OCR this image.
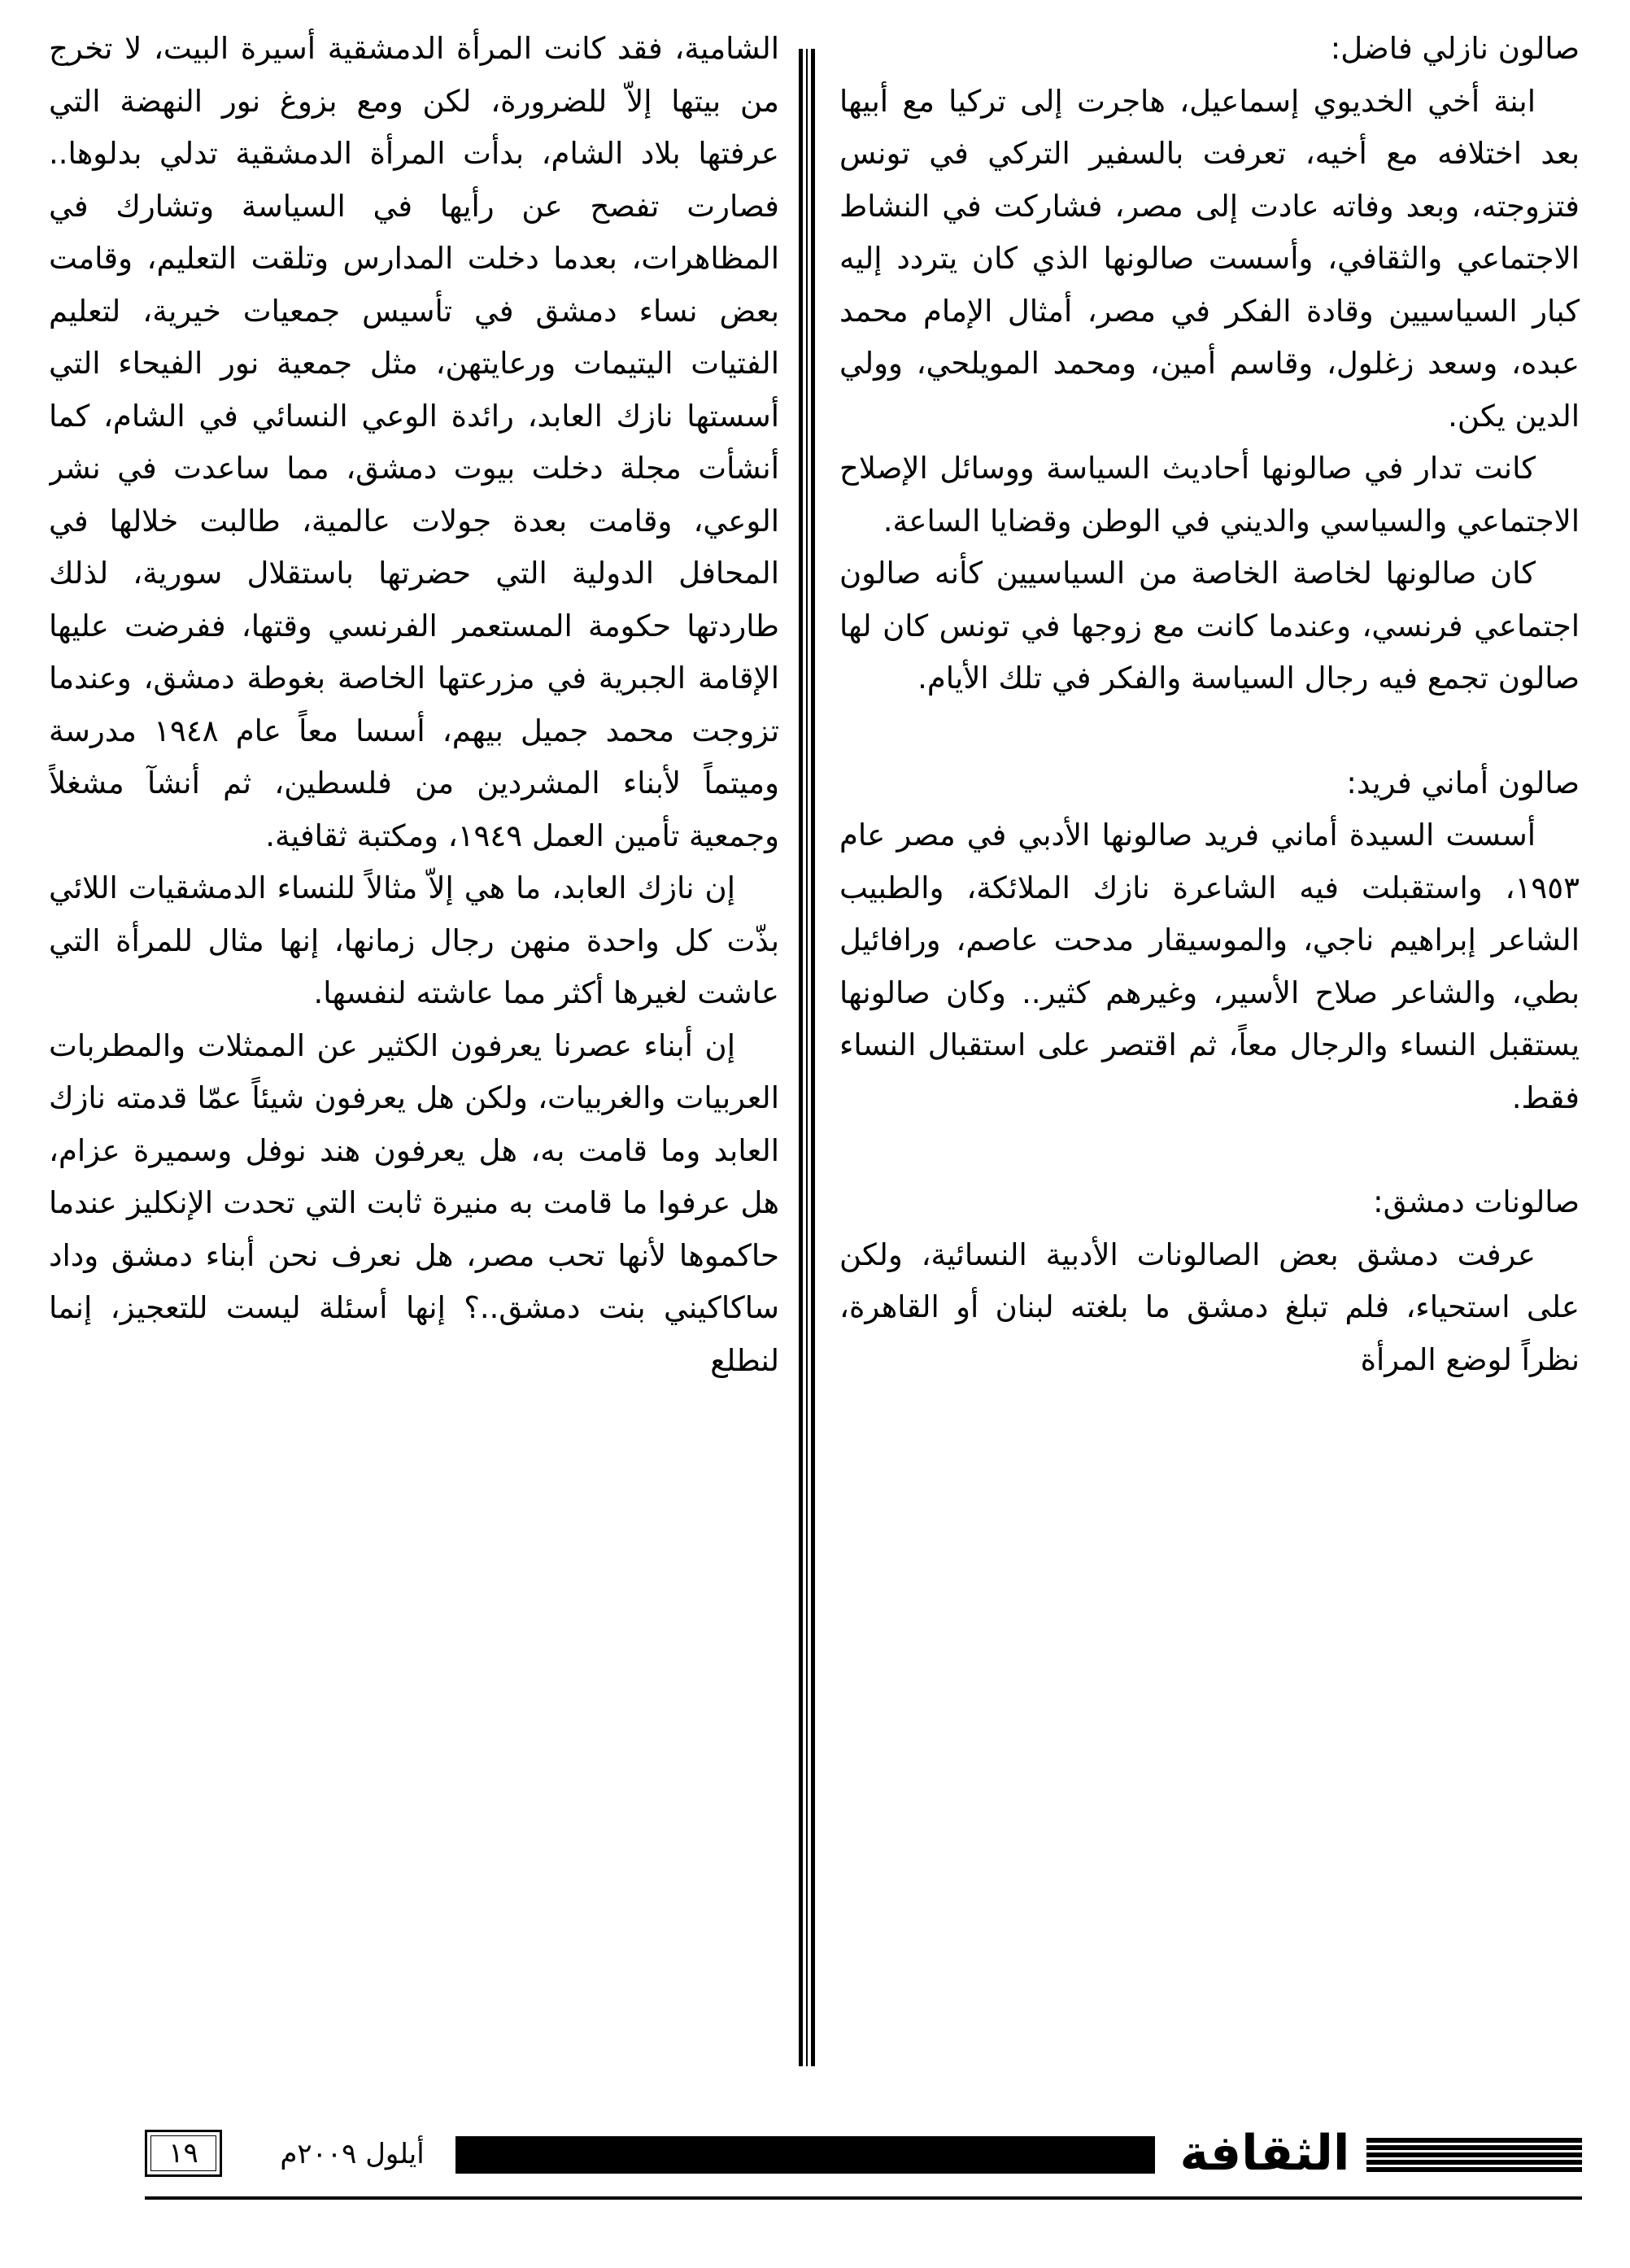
صالون نازلي فاضل:

ابنة أخي الخديوي إسماعيل، هاجرت إلى تركيا مع أبيها بعد اختلافه مع أخيه، تعرفت بالسفير التركي في تونس فتزوجته، وبعد وفاته عادت إلى مصر، فشاركت في النشاط الاجتماعي والثقافي، وأسست صالونها الذي كان يتردد إليه كبار السياسيين وقادة الفكر في مصر، أمثال الإمام محمد عبده، وسعد زغلول، وقاسم أمين، ومحمد المويلحي، وولي الدين يكن.

كانت تدار في صالونها أحاديث السياسة ووسائل الإصلاح الاجتماعي والسياسي والديني في الوطن وقضايا الساعة.

كان صالونها لخاصة الخاصة من السياسيين كأنه صالون اجتماعي فرنسي، وعندما كانت مع زوجها في تونس كان لها صالون تجمع فيه رجال السياسة والفكر في تلك الأيام.

صالون أماني فريد:

أسست السيدة أماني فريد صالونها الأدبي في مصر عام ١٩٥٣، واستقبلت فيه الشاعرة نازك الملائكة، والطبيب الشاعر إبراهيم ناجي، والموسيقار مدحت عاصم، ورافائيل بطي، والشاعر صلاح الأسير، وغيرهم كثير.. وكان صالونها يستقبل النساء والرجال معاً، ثم اقتصر على استقبال النساء فقط.

صالونات دمشق:

عرفت دمشق بعض الصالونات الأدبية النسائية، ولكن على استحياء، فلم تبلغ دمشق ما بلغته لبنان أو القاهرة، نظراً لوضع المرأة

الشامية، فقد كانت المرأة الدمشقية أسيرة البيت، لا تخرج من بيتها إلاّ للضرورة، لكن ومع بزوغ نور النهضة التي عرفتها بلاد الشام، بدأت المرأة الدمشقية تدلي بدلوها.. فصارت تفصح عن رأيها في السياسة وتشارك في المظاهرات، بعدما دخلت المدارس وتلقت التعليم، وقامت بعض نساء دمشق في تأسيس جمعيات خيرية، لتعليم الفتيات اليتيمات ورعايتهن، مثل جمعية نور الفيحاء التي أسستها نازك العابد، رائدة الوعي النسائي في الشام، كما أنشأت مجلة دخلت بيوت دمشق، مما ساعدت في نشر الوعي، وقامت بعدة جولات عالمية، طالبت خلالها في المحافل الدولية التي حضرتها باستقلال سورية، لذلك طاردتها حكومة المستعمر الفرنسي وقتها، ففرضت عليها الإقامة الجبرية في مزرعتها الخاصة بغوطة دمشق، وعندما تزوجت محمد جميل بيهم، أسسا معاً عام ١٩٤٨ مدرسة وميتماً لأبناء المشردين من فلسطين، ثم أنشآ مشغلاً وجمعية تأمين العمل ١٩٤٩، ومكتبة ثقافية.

إن نازك العابد، ما هي إلاّ مثالاً للنساء الدمشقيات اللائي بذّت كل واحدة منهن رجال زمانها، إنها مثال للمرأة التي عاشت لغيرها أكثر مما عاشته لنفسها.

إن أبناء عصرنا يعرفون الكثير عن الممثلات والمطربات العربيات والغربيات، ولكن هل يعرفون شيئاً عمّا قدمته نازك العابد وما قامت به، هل يعرفون هند نوفل وسميرة عزام، هل عرفوا ما قامت به منيرة ثابت التي تحدت الإنكليز عندما حاكموها لأنها تحب مصر، هل نعرف نحن أبناء دمشق وداد ساكاكيني بنت دمشق..؟ إنها أسئلة ليست للتعجيز، إنما لنطلع

الثقافة
أيلول ٢٠٠٩م
١٩
